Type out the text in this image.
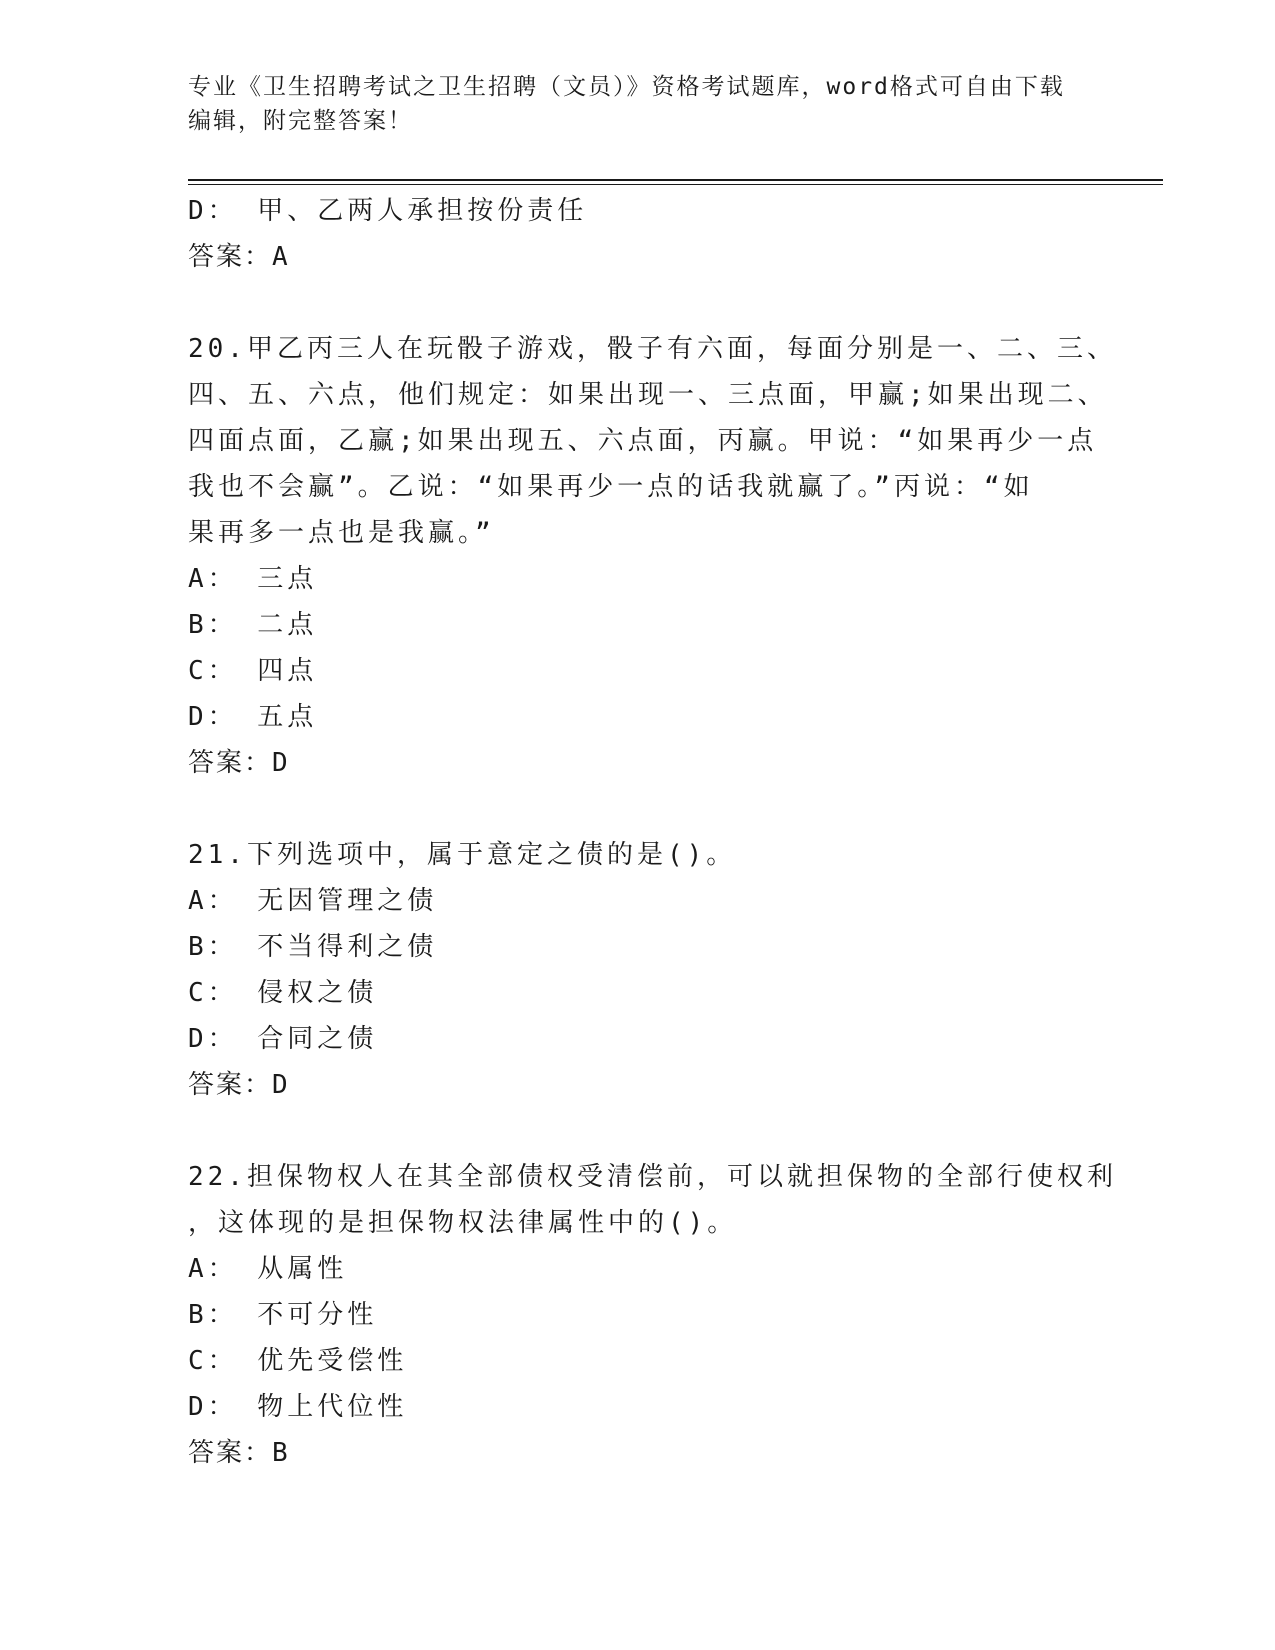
专业《卫生招聘考试之卫生招聘（文员）》资格考试题库，word格式可自由下载
编辑，附完整答案！
D： 甲、乙两人承担按份责任
答案：A
20.甲乙丙三人在玩骰子游戏，骰子有六面，每面分别是一、二、三、
四、五、六点，他们规定：如果出现一、三点面，甲赢;如果出现二、
四面点面，乙赢;如果出现五、六点面，丙赢。甲说：“如果再少一点
我也不会赢”。乙说：“如果再少一点的话我就赢了。”丙说：“如
果再多一点也是我赢。”
A： 三点
B： 二点
C： 四点
D： 五点
答案：D
21.下列选项中，属于意定之债的是()。
A： 无因管理之债
B： 不当得利之债
C： 侵权之债
D： 合同之债
答案：D
22.担保物权人在其全部债权受清偿前，可以就担保物的全部行使权利
，这体现的是担保物权法律属性中的()。
A： 从属性
B： 不可分性
C： 优先受偿性
D： 物上代位性
答案：B
